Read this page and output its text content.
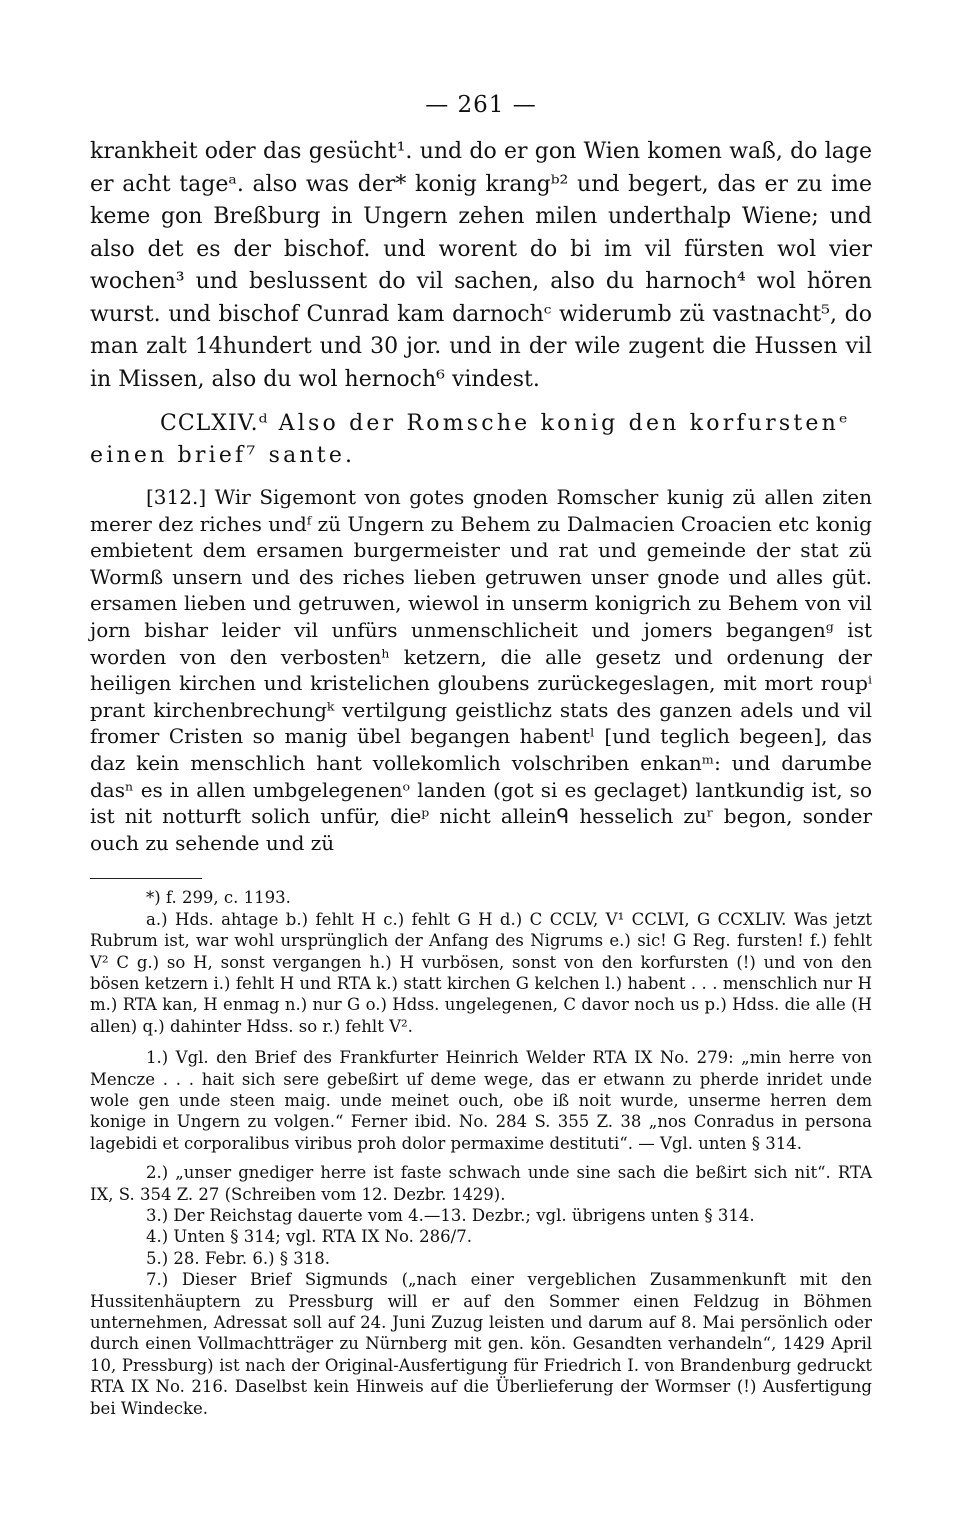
— 261 —

krankheit oder das gesücht¹. und do er gon Wien komen waß, do lage er acht tageᵃ. also was der* konig krangᵇ² und begert, das er zu ime keme gon Breßburg in Ungern zehen milen underthalp Wiene; und also det es der bischof. und worent do bi im vil fürsten wol vier wochen³ und beslussent do vil sachen, also du harnoch⁴ wol hören wurst. und bischof Cunrad kam darnochᶜ widerumb zü vastnacht⁵, do man zalt 14hundert und 30 jor. und in der wile zugent die Hussen vil in Missen, also du wol hernoch⁶ vindest.

CCLXIV.ᵈ Also der Romsche konig den korfurstenᵉ einen brief⁷ sante.

[312.] Wir Sigemont von gotes gnoden Romscher kunig zü allen ziten merer dez riches undᶠ zü Ungern zu Behem zu Dalmacien Croacien etc konig embietent dem ersamen burgermeister und rat und gemeinde der stat zü Wormß unsern und des riches lieben getruwen unser gnode und alles güt. ersamen lieben und getruwen, wiewol in unserm konigrich zu Behem von vil jorn bishar leider vil unfürs unmenschlicheit und jomers begangenᵍ ist worden von den verbostenʰ ketzern, die alle gesetz und ordenung der heiligen kirchen und kristelichen gloubens zurückegeslagen, mit mort roupⁱ prant kirchenbrechungᵏ vertilgung geistlichz stats des ganzen adels und vil fromer Cristen so manig übel begangen habentˡ [und teglich begeen], das daz kein menschlich hant vollekomlich volschriben enkanᵐ: und darumbe dasⁿ es in allen umbgelegenenᵒ landen (got si es geclaget) lantkundig ist, so ist nit notturft solich unfür, dieᵖ nicht alleinᑫ hesselich zuʳ begon, sonder ouch zu sehende und zü

*) f. 299, c. 1193.

a.) Hds. ahtage b.) fehlt H c.) fehlt G H d.) C CCLV, V¹ CCLVI, G CCXLIV. Was jetzt Rubrum ist, war wohl ursprünglich der Anfang des Nigrums e.) sic! G Reg. fursten! f.) fehlt V² C g.) so H, sonst vergangen h.) H vurbösen, sonst von den korfursten (!) und von den bösen ketzern i.) fehlt H und RTA k.) statt kirchen G kelchen l.) habent . . . menschlich nur H m.) RTA kan, H enmag n.) nur G o.) Hdss. ungelegenen, C davor noch us p.) Hdss. die alle (H allen) q.) dahinter Hdss. so r.) fehlt V².

1.) Vgl. den Brief des Frankfurter Heinrich Welder RTA IX No. 279: „min herre von Mencze . . . hait sich sere gebeßirt uf deme wege, das er etwann zu pherde inridet unde wole gen unde steen maig. unde meinet ouch, obe iß noit wurde, unserme herren dem konige in Ungern zu volgen.“ Ferner ibid. No. 284 S. 355 Z. 38 „nos Conradus in persona lagebidi et corporalibus viribus proh dolor permaxime destituti“. — Vgl. unten § 314.

2.) „unser gnediger herre ist faste schwach unde sine sach die beßirt sich nit“. RTA IX, S. 354 Z. 27 (Schreiben vom 12. Dezbr. 1429).

3.) Der Reichstag dauerte vom 4.—13. Dezbr.; vgl. übrigens unten § 314.

4.) Unten § 314; vgl. RTA IX No. 286/7.

5.) 28. Febr. 6.) § 318.

7.) Dieser Brief Sigmunds („nach einer vergeblichen Zusammenkunft mit den Hussitenhäuptern zu Pressburg will er auf den Sommer einen Feldzug in Böhmen unternehmen, Adressat soll auf 24. Juni Zuzug leisten und darum auf 8. Mai persönlich oder durch einen Vollmachtträger zu Nürnberg mit gen. kön. Gesandten verhandeln“, 1429 April 10, Pressburg) ist nach der Original-Ausfertigung für Friedrich I. von Brandenburg gedruckt RTA IX No. 216. Daselbst kein Hinweis auf die Überlieferung der Wormser (!) Ausfertigung bei Windecke.
